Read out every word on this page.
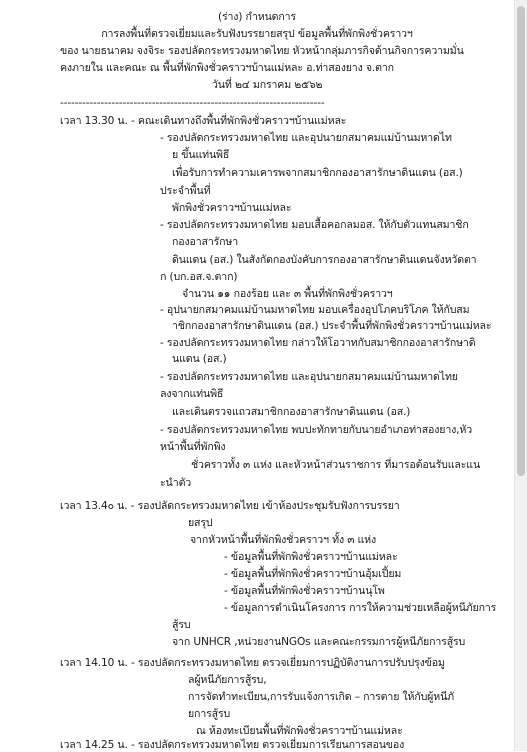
(ร่าง) กำหนดการ
การลงพื้นที่ตรวจเยี่ยมและรับฟังบรรยายสรุป ข้อมูลพื้นที่พักพิงชั่วคราวฯ
ของ นายธนาคม จงจิระ รองปลัดกระทรวงมหาดไทย หัวหน้ากลุ่มภารกิจด้านกิจการความมั่น
คงภายใน และคณะ ณ พื้นที่พักพิงชั่วคราวฯบ้านแม่หละ อ.ท่าสองยาง จ.ตาก
วันที่ ๒๔ มกราคม ๒๕๖๒
------------------------------------------------------------------------
เวลา 13.30 น. - คณะเดินทางถึงพื้นที่พักพิงชั่วคราวฯบ้านแม่หละ
- รองปลัดกระทรวงมหาดไทย และอุปนายกสมาคมแม่บ้านมหาดไท
ย ขึ้นแท่นพิธี
เพื่อรับการทำความเคารพจากสมาชิกกองอาสารักษาดินแดน (อส.)
ประจำพื้นที่
พักพิงชั่วคราวฯบ้านแม่หละ
- รองปลัดกระทรวงมหาดไทย มอบเสื้อคอกลมอส. ให้กับตัวแทนสมาชิก
กองอาสารักษา
ดินแดน (อส.) ในสังกัดกองบังคับการกองอาสารักษาดินแดนจังหวัดตา
ก (บก.อส.จ.ตาก)
จำนวน ๑๑ กองร้อย และ ๓ พื้นที่พักพิงชั่วคราวฯ
- อุปนายกสมาคมแม่บ้านมหาดไทย มอบเครื่องอุปโภคบริโภค ให้กับสม
าชิกกองอาสารักษาดินแดน (อส.) ประจำพื้นที่พักพิงชั่วคราวฯบ้านแม่หละ
- รองปลัดกระทรวงมหาดไทย กล่าวให้โอวาทกับสมาชิกกองอาสารักษาดิ
นแดน (อส.)
- รองปลัดกระทรวงมหาดไทย และอุปนายกสมาคมแม่บ้านมหาดไทย
ลงจากแท่นพิธี
และเดินตรวจแถวสมาชิกกองอาสารักษาดินแดน (อส.)
- รองปลัดกระทรวงมหาดไทย พบปะทักทายกับนายอำเภอท่าสองยาง,หัว
หน้าพื้นที่พักพิง
ชั่วคราวทั้ง ๓ แห่ง และหัวหน้าส่วนราชการ ที่มารอต้อนรับและแน
ะนำตัว
เวลา 13.4๐ น. - รองปลัดกระทรวงมหาดไทย เข้าห้องประชุมรับฟังการบรรยา
ยสรุป
จากหัวหน้าพื้นที่พักพิงชั่วคราวฯ ทั้ง ๓ แห่ง
- ข้อมูลพื้นที่พักพิงชั่วคราวฯบ้านแม่หละ
- ข้อมูลพื้นที่พักพิงชั่วคราวฯบ้านอุ้มเปี้ยม
- ข้อมูลพื้นที่พักพิงชั่วคราวฯบ้านนุโพ
- ข้อมูลการดำเนินโครงการ การให้ความช่วยเหลือผู้หนีภัยการ
สู้รบ
จาก UNHCR ,หน่วยงานNGOs และคณะกรรมการผู้หนีภัยการสู้รบ
เวลา 14.10 น. - รองปลัดกระทรวงมหาดไทย ตรวจเยี่ยมการปฏิบัติงานการปรับปรุงข้อมู
ลผู้หนีภัยการสู้รบ,
การจัดทำทะเบียน,การรับแจ้งการเกิด – การตาย ให้กับผู้หนีภั
ยการสู้รบ
ณ ห้องทะเบียนพื้นที่พักพิงชั่วคราวฯบ้านแม่หละ
เวลา 14.25 น. - รองปลัดกระทรวงมหาดไทย ตรวจเยี่ยมการเรียนการสอนของ
